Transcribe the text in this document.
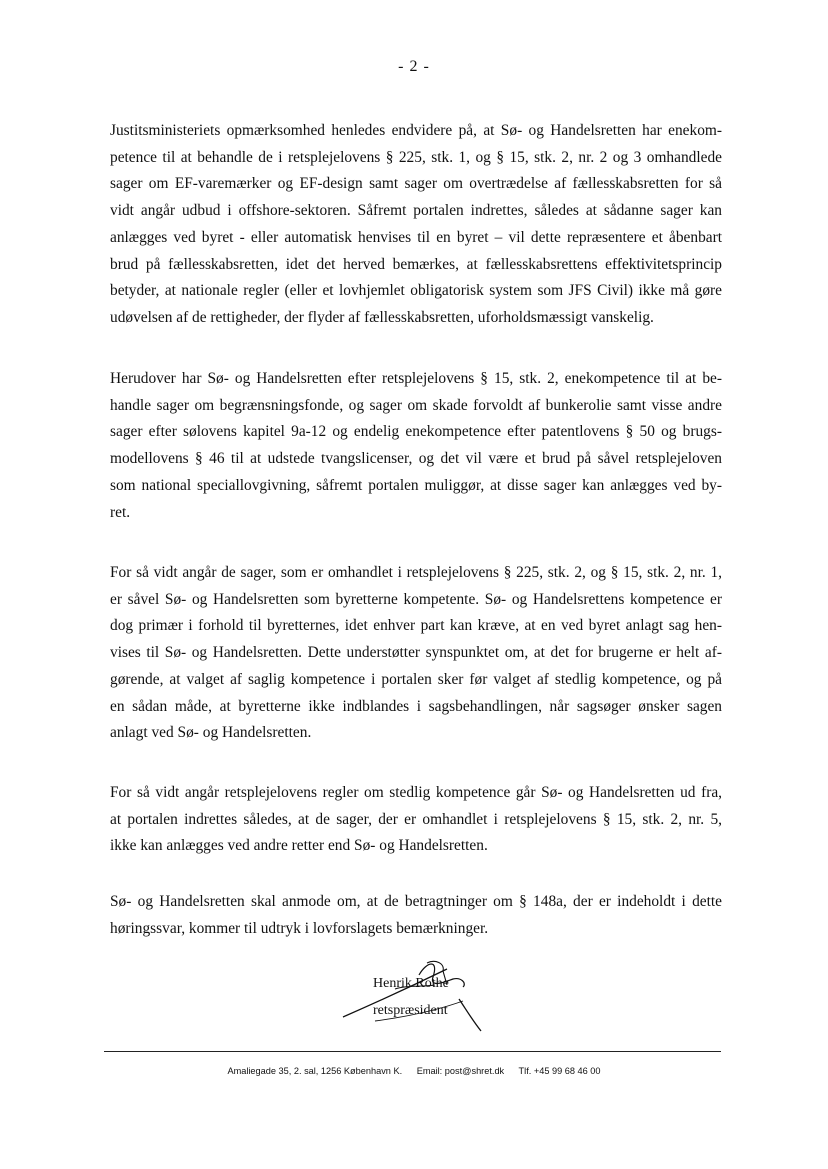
- 2 -
Justitsministeriets opmærksomhed henledes endvidere på, at Sø- og Handelsretten har enekom-
petence til at behandle de i retsplejelovens § 225, stk. 1, og § 15, stk. 2, nr. 2 og 3 omhandlede
sager om EF-varemærker og EF-design samt sager om overtrædelse af fællesskabsretten for så
vidt angår udbud i offshore-sektoren. Såfremt portalen indrettes, således at sådanne sager kan
anlægges ved byret - eller automatisk henvises til en byret – vil dette repræsentere et åbenbart
brud på fællesskabsretten, idet det herved bemærkes, at fællesskabsrettens effektivitetsprincip
betyder, at nationale regler (eller et lovhjemlet obligatorisk system som JFS Civil) ikke må gøre
udøvelsen af de rettigheder, der flyder af fællesskabsretten, uforholdsmæssigt vanskelig.
Herudover har Sø- og Handelsretten efter retsplejelovens § 15, stk. 2, enekompetence til at be-
handle sager om begrænsningsfonde, og sager om skade forvoldt af bunkerolie samt visse andre
sager efter sølovens kapitel 9a-12 og endelig enekompetence efter patentlovens § 50 og brugs-
modellovens § 46 til at udstede tvangslicenser, og det vil være et brud på såvel retsplejeloven
som national speciallovgivning, såfremt portalen muliggør, at disse sager kan anlægges ved by-
ret.
For så vidt angår de sager, som er omhandlet i retsplejelovens § 225, stk. 2, og § 15, stk. 2, nr. 1,
er såvel Sø- og Handelsretten som byretterne kompetente. Sø- og Handelsrettens kompetence er
dog primær i forhold til byretternes, idet enhver part kan kræve, at en ved byret anlagt sag hen-
vises til Sø- og Handelsretten. Dette understøtter synspunktet om, at det for brugerne er helt af-
gørende, at valget af saglig kompetence i portalen sker før valget af stedlig kompetence, og på
en sådan måde, at byretterne ikke indblandes i sagsbehandlingen, når sagsøger ønsker sagen
anlagt ved Sø- og Handelsretten.
For så vidt angår retsplejelovens regler om stedlig kompetence går Sø- og Handelsretten ud fra,
at portalen indrettes således, at de sager, der er omhandlet i retsplejelovens § 15, stk. 2, nr. 5,
ikke kan anlægges ved andre retter end Sø- og Handelsretten.
Sø- og Handelsretten skal anmode om, at de betragtninger om § 148a, der er indeholdt i dette
høringssvar, kommer til udtryk i lovforslagets bemærkninger.
Henrik Rothe
retspræsident
Amaliegade 35, 2. sal, 1256 København K. Email: post@shret.dk Tlf. +45 99 68 46 00
